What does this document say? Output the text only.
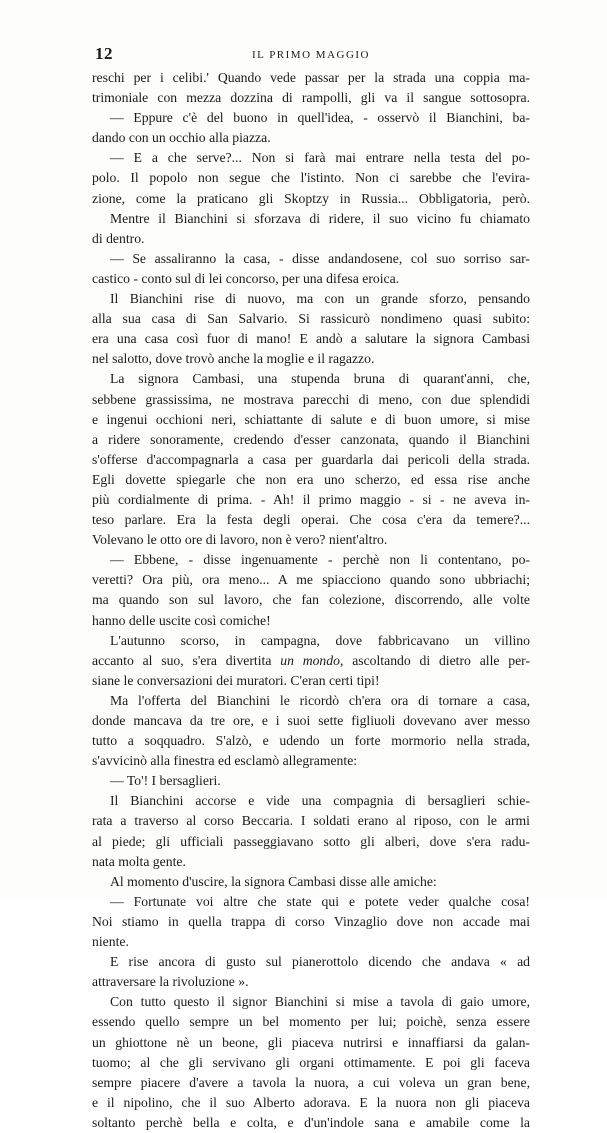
12	IL PRIMO MAGGIO
reschi per i celibi.' Quando vede passar per la strada una coppia ma-
trimoniale con mezza dozzina di rampolli, gli va il sangue sottosopra.
— Eppure c'è del buono in quell'idea, - osservò il Bianchini, ba-
dando con un occhio alla piazza.
— E a che serve?... Non si farà mai entrare nella testa del po-
polo. Il popolo non segue che l'istinto. Non ci sarebbe che l'evira-
zione, come la praticano gli Skoptzy in Russia... Obbligatoria, però.
Mentre il Bianchini si sforzava di ridere, il suo vicino fu chiamato
di dentro.
— Se assaliranno la casa, - disse andandosene, col suo sorriso sar-
castico - conto sul di lei concorso, per una difesa eroica.
Il Bianchini rise di nuovo, ma con un grande sforzo, pensando
alla sua casa di San Salvario. Si rassicurò nondimeno quasi subito:
era una casa così fuor di mano! E andò a salutare la signora Cambasi
nel salotto, dove trovò anche la moglie e il ragazzo.
La signora Cambasi, una stupenda bruna di quarant'anni, che,
sebbene grassissima, ne mostrava parecchi di meno, con due splendidi
e ingenui occhioni neri, schiattante di salute e di buon umore, si mise
a ridere sonoramente, credendo d'esser canzonata, quando il Bianchini
s'offerse d'accompagnarla a casa per guardarla dai pericoli della strada.
Egli dovette spiegarle che non era uno scherzo, ed essa rise anche
più cordialmente di prima. - Ah! il primo maggio - si - ne aveva in-
teso parlare. Era la festa degli operai. Che cosa c'era da temere?...
Volevano le otto ore di lavoro, non è vero? nient'altro.
— Ebbene, - disse ingenuamente - perchè non li contentano, po-
veretti? Ora più, ora meno... A me spiacciono quando sono ubbriachi;
ma quando son sul lavoro, che fan colezione, discorrendo, alle volte
hanno delle uscite così comiche!
L'autunno scorso, in campagna, dove fabbricavano un villino
accanto al suo, s'era divertita un mondo, ascoltando di dietro alle per-
siane le conversazioni dei muratori. C'eran certi tipi!
Ma l'offerta del Bianchini le ricordò ch'era ora di tornare a casa,
donde mancava da tre ore, e i suoi sette figliuoli dovevano aver messo
tutto a soqquadro. S'alzò, e udendo un forte mormorio nella strada,
s'avvicinò alla finestra ed esclamò allegramente:
— To'! I bersaglieri.
Il Bianchini accorse e vide una compagnia di bersaglieri schie-
rata a traverso al corso Beccaria. I soldati erano al riposo, con le armi
al piede; gli ufficiali passeggiavano sotto gli alberi, dove s'era radu-
nata molta gente.
Al momento d'uscire, la signora Cambasi disse alle amiche:
— Fortunate voi altre che state qui e potete veder qualche cosa!
Noi stiamo in quella trappa di corso Vinzaglio dove non accade mai
niente.
E rise ancora di gusto sul pianerottolo dicendo che andava « ad
attraversare la rivoluzione ».
Con tutto questo il signor Bianchini si mise a tavola di gaio umore,
essendo quello sempre un bel momento per lui; poichè, senza essere
un ghiottone nè un beone, gli piaceva nutrirsi e innaffiarsi da galan-
tuomo; al che gli servivano gli organi ottimamente. E poi gli faceva
sempre piacere d'avere a tavola la nuora, a cui voleva un gran bene,
e il nipolino, che il suo Alberto adorava. E la nuora non gli piaceva
soltanto perchè bella e colta, e d'un'indole sana e amabile come la
